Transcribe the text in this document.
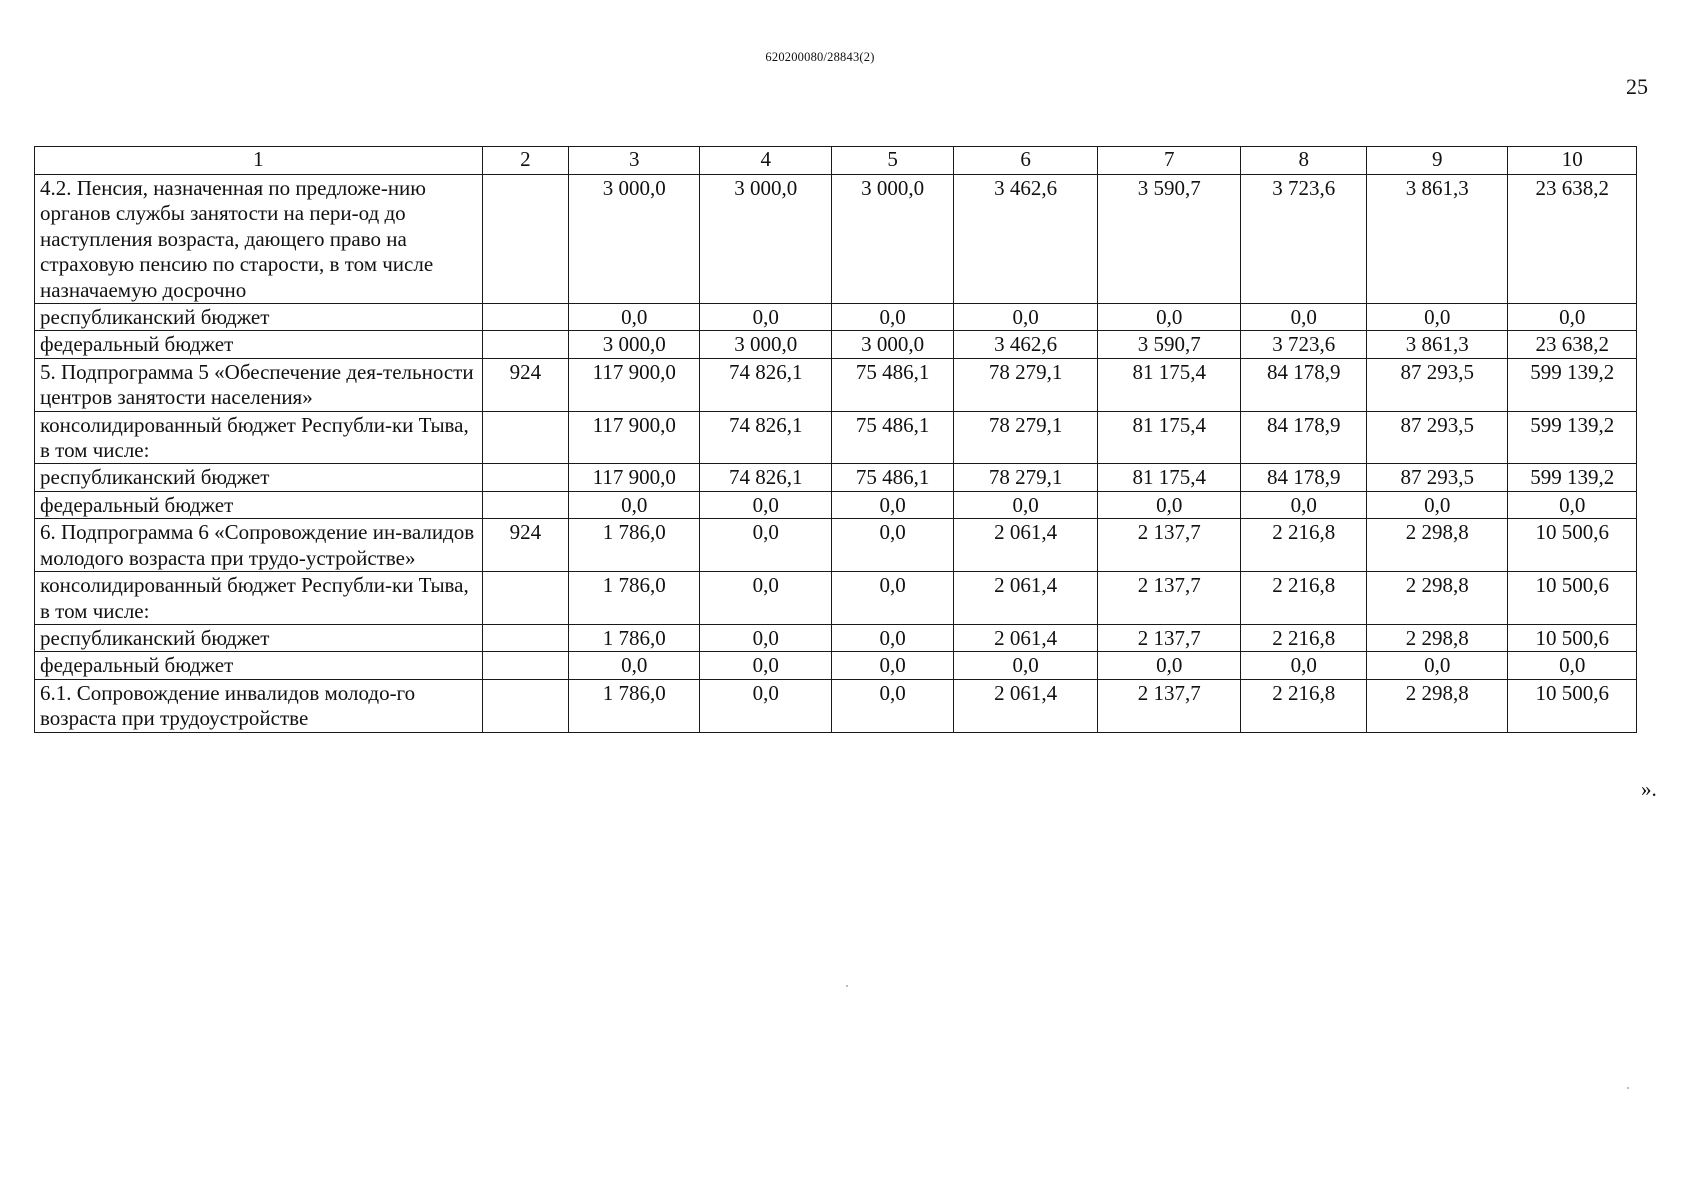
620200080/28843(2)
25
1	2	3	4	5	6	7	8	9	10
4.2. Пенсия, назначенная по предложе-нию органов службы занятости на пери-од до наступления возраста, дающего право на страховую пенсию по старости, в том числе назначаемую досрочно		3 000,0	3 000,0	3 000,0	3 462,6	3 590,7	3 723,6	3 861,3	23 638,2
республиканский бюджет		0,0	0,0	0,0	0,0	0,0	0,0	0,0	0,0
федеральный бюджет		3 000,0	3 000,0	3 000,0	3 462,6	3 590,7	3 723,6	3 861,3	23 638,2
5. Подпрограмма 5 «Обеспечение дея-тельности центров занятости населения»	924	117 900,0	74 826,1	75 486,1	78 279,1	81 175,4	84 178,9	87 293,5	599 139,2
консолидированный бюджет Республи-ки Тыва, в том числе:		117 900,0	74 826,1	75 486,1	78 279,1	81 175,4	84 178,9	87 293,5	599 139,2
республиканский бюджет		117 900,0	74 826,1	75 486,1	78 279,1	81 175,4	84 178,9	87 293,5	599 139,2
федеральный бюджет		0,0	0,0	0,0	0,0	0,0	0,0	0,0	0,0
6. Подпрограмма 6 «Сопровождение ин-валидов молодого возраста при трудо-устройстве»	924	1 786,0	0,0	0,0	2 061,4	2 137,7	2 216,8	2 298,8	10 500,6
консолидированный бюджет Республи-ки Тыва, в том числе:		1 786,0	0,0	0,0	2 061,4	2 137,7	2 216,8	2 298,8	10 500,6
республиканский бюджет		1 786,0	0,0	0,0	2 061,4	2 137,7	2 216,8	2 298,8	10 500,6
федеральный бюджет		0,0	0,0	0,0	0,0	0,0	0,0	0,0	0,0
6.1. Сопровождение инвалидов молодо-го возраста при трудоустройстве		1 786,0	0,0	0,0	2 061,4	2 137,7	2 216,8	2 298,8	10 500,6
».
